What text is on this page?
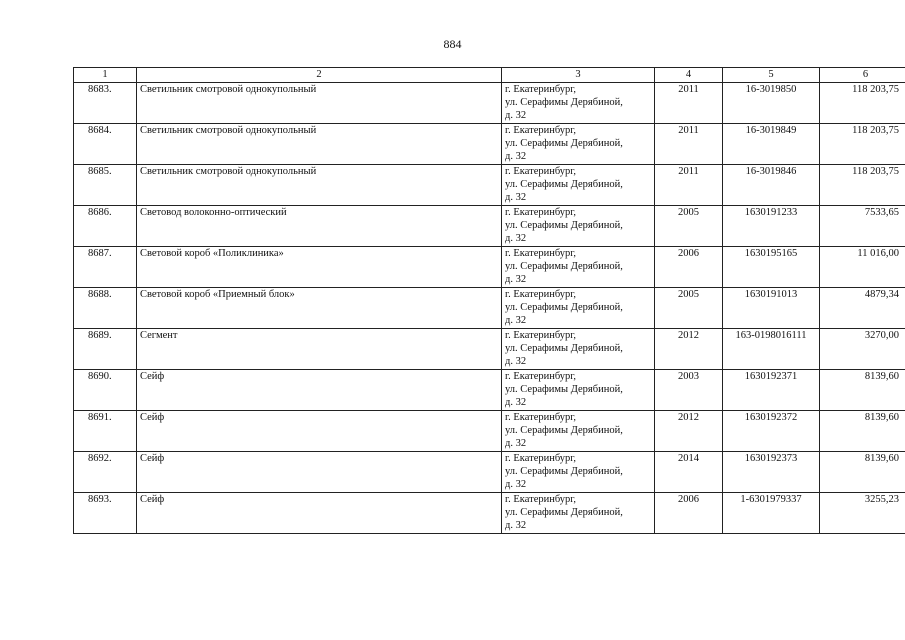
884
1	2	3	4	5	6
8683.	Светильник смотровой однокупольный	г. Екатеринбург,
ул. Серафимы Дерябиной,
д. 32	2011	16-3019850	118 203,75
8684.	Светильник смотровой однокупольный	г. Екатеринбург,
ул. Серафимы Дерябиной,
д. 32	2011	16-3019849	118 203,75
8685.	Светильник смотровой однокупольный	г. Екатеринбург,
ул. Серафимы Дерябиной,
д. 32	2011	16-3019846	118 203,75
8686.	Световод волоконно-оптический	г. Екатеринбург,
ул. Серафимы Дерябиной,
д. 32	2005	1630191233	7533,65
8687.	Световой короб «Поликлиника»	г. Екатеринбург,
ул. Серафимы Дерябиной,
д. 32	2006	1630195165	11 016,00
8688.	Световой короб «Приемный блок»	г. Екатеринбург,
ул. Серафимы Дерябиной,
д. 32	2005	1630191013	4879,34
8689.	Сегмент	г. Екатеринбург,
ул. Серафимы Дерябиной,
д. 32	2012	163-0198016111	3270,00
8690.	Сейф	г. Екатеринбург,
ул. Серафимы Дерябиной,
д. 32	2003	1630192371	8139,60
8691.	Сейф	г. Екатеринбург,
ул. Серафимы Дерябиной,
д. 32	2012	1630192372	8139,60
8692.	Сейф	г. Екатеринбург,
ул. Серафимы Дерябиной,
д. 32	2014	1630192373	8139,60
8693.	Сейф	г. Екатеринбург,
ул. Серафимы Дерябиной,
д. 32	2006	1-6301979337	3255,23
